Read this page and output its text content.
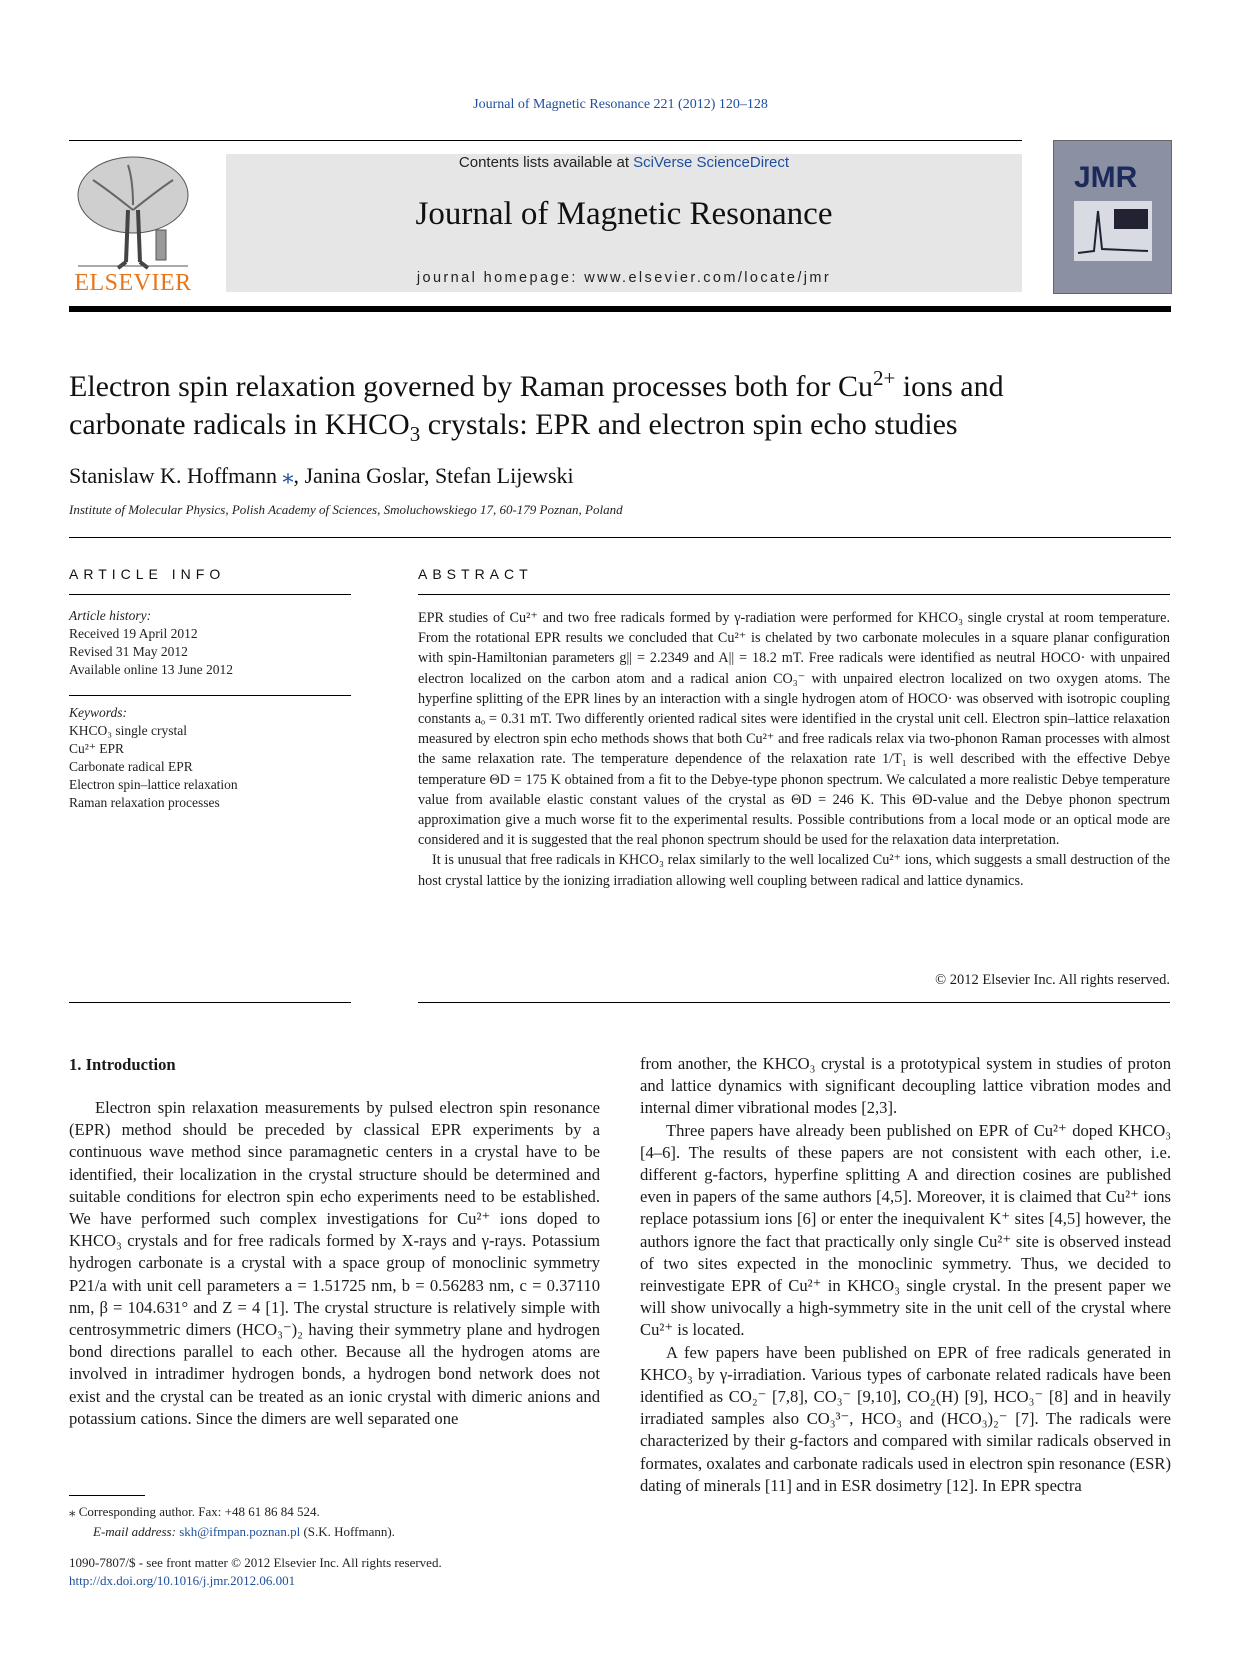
Journal of Magnetic Resonance 221 (2012) 120–128
ELSEVIER
Contents lists available at SciVerse ScienceDirect
Journal of Magnetic Resonance
journal homepage: www.elsevier.com/locate/jmr
JMR
Electron spin relaxation governed by Raman processes both for $Cu^{2+}$ ions and
carbonate radicals in $KHCO_3$ crystals: EPR and electron spin echo studies
Stanislaw K. Hoffmann ⁎, Janina Goslar, Stefan Lijewski
Institute of Molecular Physics, Polish Academy of Sciences, Smoluchowskiego 17, 60-179 Poznan, Poland
ARTICLE INFO
Article history:
Received 19 April 2012
Revised 31 May 2012
Available online 13 June 2012
Keywords:
KHCO₃ single crystal
Cu²⁺ EPR
Carbonate radical EPR
Electron spin–lattice relaxation
Raman relaxation processes
ABSTRACT

EPR studies of Cu²⁺ and two free radicals formed by γ-radiation were performed for KHCO₃ single crystal at room temperature. From the rotational EPR results we concluded that Cu²⁺ is chelated by two carbonate molecules in a square planar configuration with spin-Hamiltonian parameters g|| = 2.2349 and A|| = 18.2 mT. Free radicals were identified as neutral HOCO· with unpaired electron localized on the carbon atom and a radical anion CO₃⁻ with unpaired electron localized on two oxygen atoms. The hyperfine splitting of the EPR lines by an interaction with a single hydrogen atom of HOCO· was observed with isotropic coupling constants aₒ = 0.31 mT. Two differently oriented radical sites were identified in the crystal unit cell. Electron spin–lattice relaxation measured by electron spin echo methods shows that both Cu²⁺ and free radicals relax via two-phonon Raman processes with almost the same relaxation rate. The temperature dependence of the relaxation rate 1/T₁ is well described with the effective Debye temperature ΘD = 175 K obtained from a fit to the Debye-type phonon spectrum. We calculated a more realistic Debye temperature value from available elastic constant values of the crystal as ΘD = 246 K. This ΘD-value and the Debye phonon spectrum approximation give a much worse fit to the experimental results. Possible contributions from a local mode or an optical mode are considered and it is suggested that the real phonon spectrum should be used for the relaxation data interpretation.

It is unusual that free radicals in KHCO₃ relax similarly to the well localized Cu²⁺ ions, which suggests a small destruction of the host crystal lattice by the ionizing irradiation allowing well coupling between radical and lattice dynamics.

© 2012 Elsevier Inc. All rights reserved.
1. Introduction

Electron spin relaxation measurements by pulsed electron spin resonance (EPR) method should be preceded by classical EPR experiments by a continuous wave method since paramagnetic centers in a crystal have to be identified, their localization in the crystal structure should be determined and suitable conditions for electron spin echo experiments need to be established. We have performed such complex investigations for Cu²⁺ ions doped to KHCO₃ crystals and for free radicals formed by X-rays and γ-rays. Potassium hydrogen carbonate is a crystal with a space group of monoclinic symmetry P21/a with unit cell parameters a = 1.51725 nm, b = 0.56283 nm, c = 0.37110 nm, β = 104.631° and Z = 4 [1]. The crystal structure is relatively simple with centrosymmetric dimers (HCO₃⁻)₂ having their symmetry plane and hydrogen bond directions parallel to each other. Because all the hydrogen atoms are involved in intradimer hydrogen bonds, a hydrogen bond network does not exist and the crystal can be treated as an ionic crystal with dimeric anions and potassium cations. Since the dimers are well separated one

from another, the KHCO₃ crystal is a prototypical system in studies of proton and lattice dynamics with significant decoupling lattice vibration modes and internal dimer vibrational modes [2,3].

Three papers have already been published on EPR of Cu²⁺ doped KHCO₃ [4–6]. The results of these papers are not consistent with each other, i.e. different g-factors, hyperfine splitting A and direction cosines are published even in papers of the same authors [4,5]. Moreover, it is claimed that Cu²⁺ ions replace potassium ions [6] or enter the inequivalent K⁺ sites [4,5] however, the authors ignore the fact that practically only single Cu²⁺ site is observed instead of two sites expected in the monoclinic symmetry. Thus, we decided to reinvestigate EPR of Cu²⁺ in KHCO₃ single crystal. In the present paper we will show univocally a high-symmetry site in the unit cell of the crystal where Cu²⁺ is located.

A few papers have been published on EPR of free radicals generated in KHCO₃ by γ-irradiation. Various types of carbonate related radicals have been identified as CO₂⁻ [7,8], CO₃⁻ [9,10], CO₂(H) [9], HCO₃⁻ [8] and in heavily irradiated samples also CO₃³⁻, HCO₃ and (HCO₃)₂⁻ [7]. The radicals were characterized by their g-factors and compared with similar radicals observed in formates, oxalates and carbonate radicals used in electron spin resonance (ESR) dating of minerals [11] and in ESR dosimetry [12]. In EPR spectra

⁎ Corresponding author. Fax: +48 61 86 84 524.
E-mail address: skh@ifmpan.poznan.pl (S.K. Hoffmann).
1090-7807/$ - see front matter © 2012 Elsevier Inc. All rights reserved.
http://dx.doi.org/10.1016/j.jmr.2012.06.001
